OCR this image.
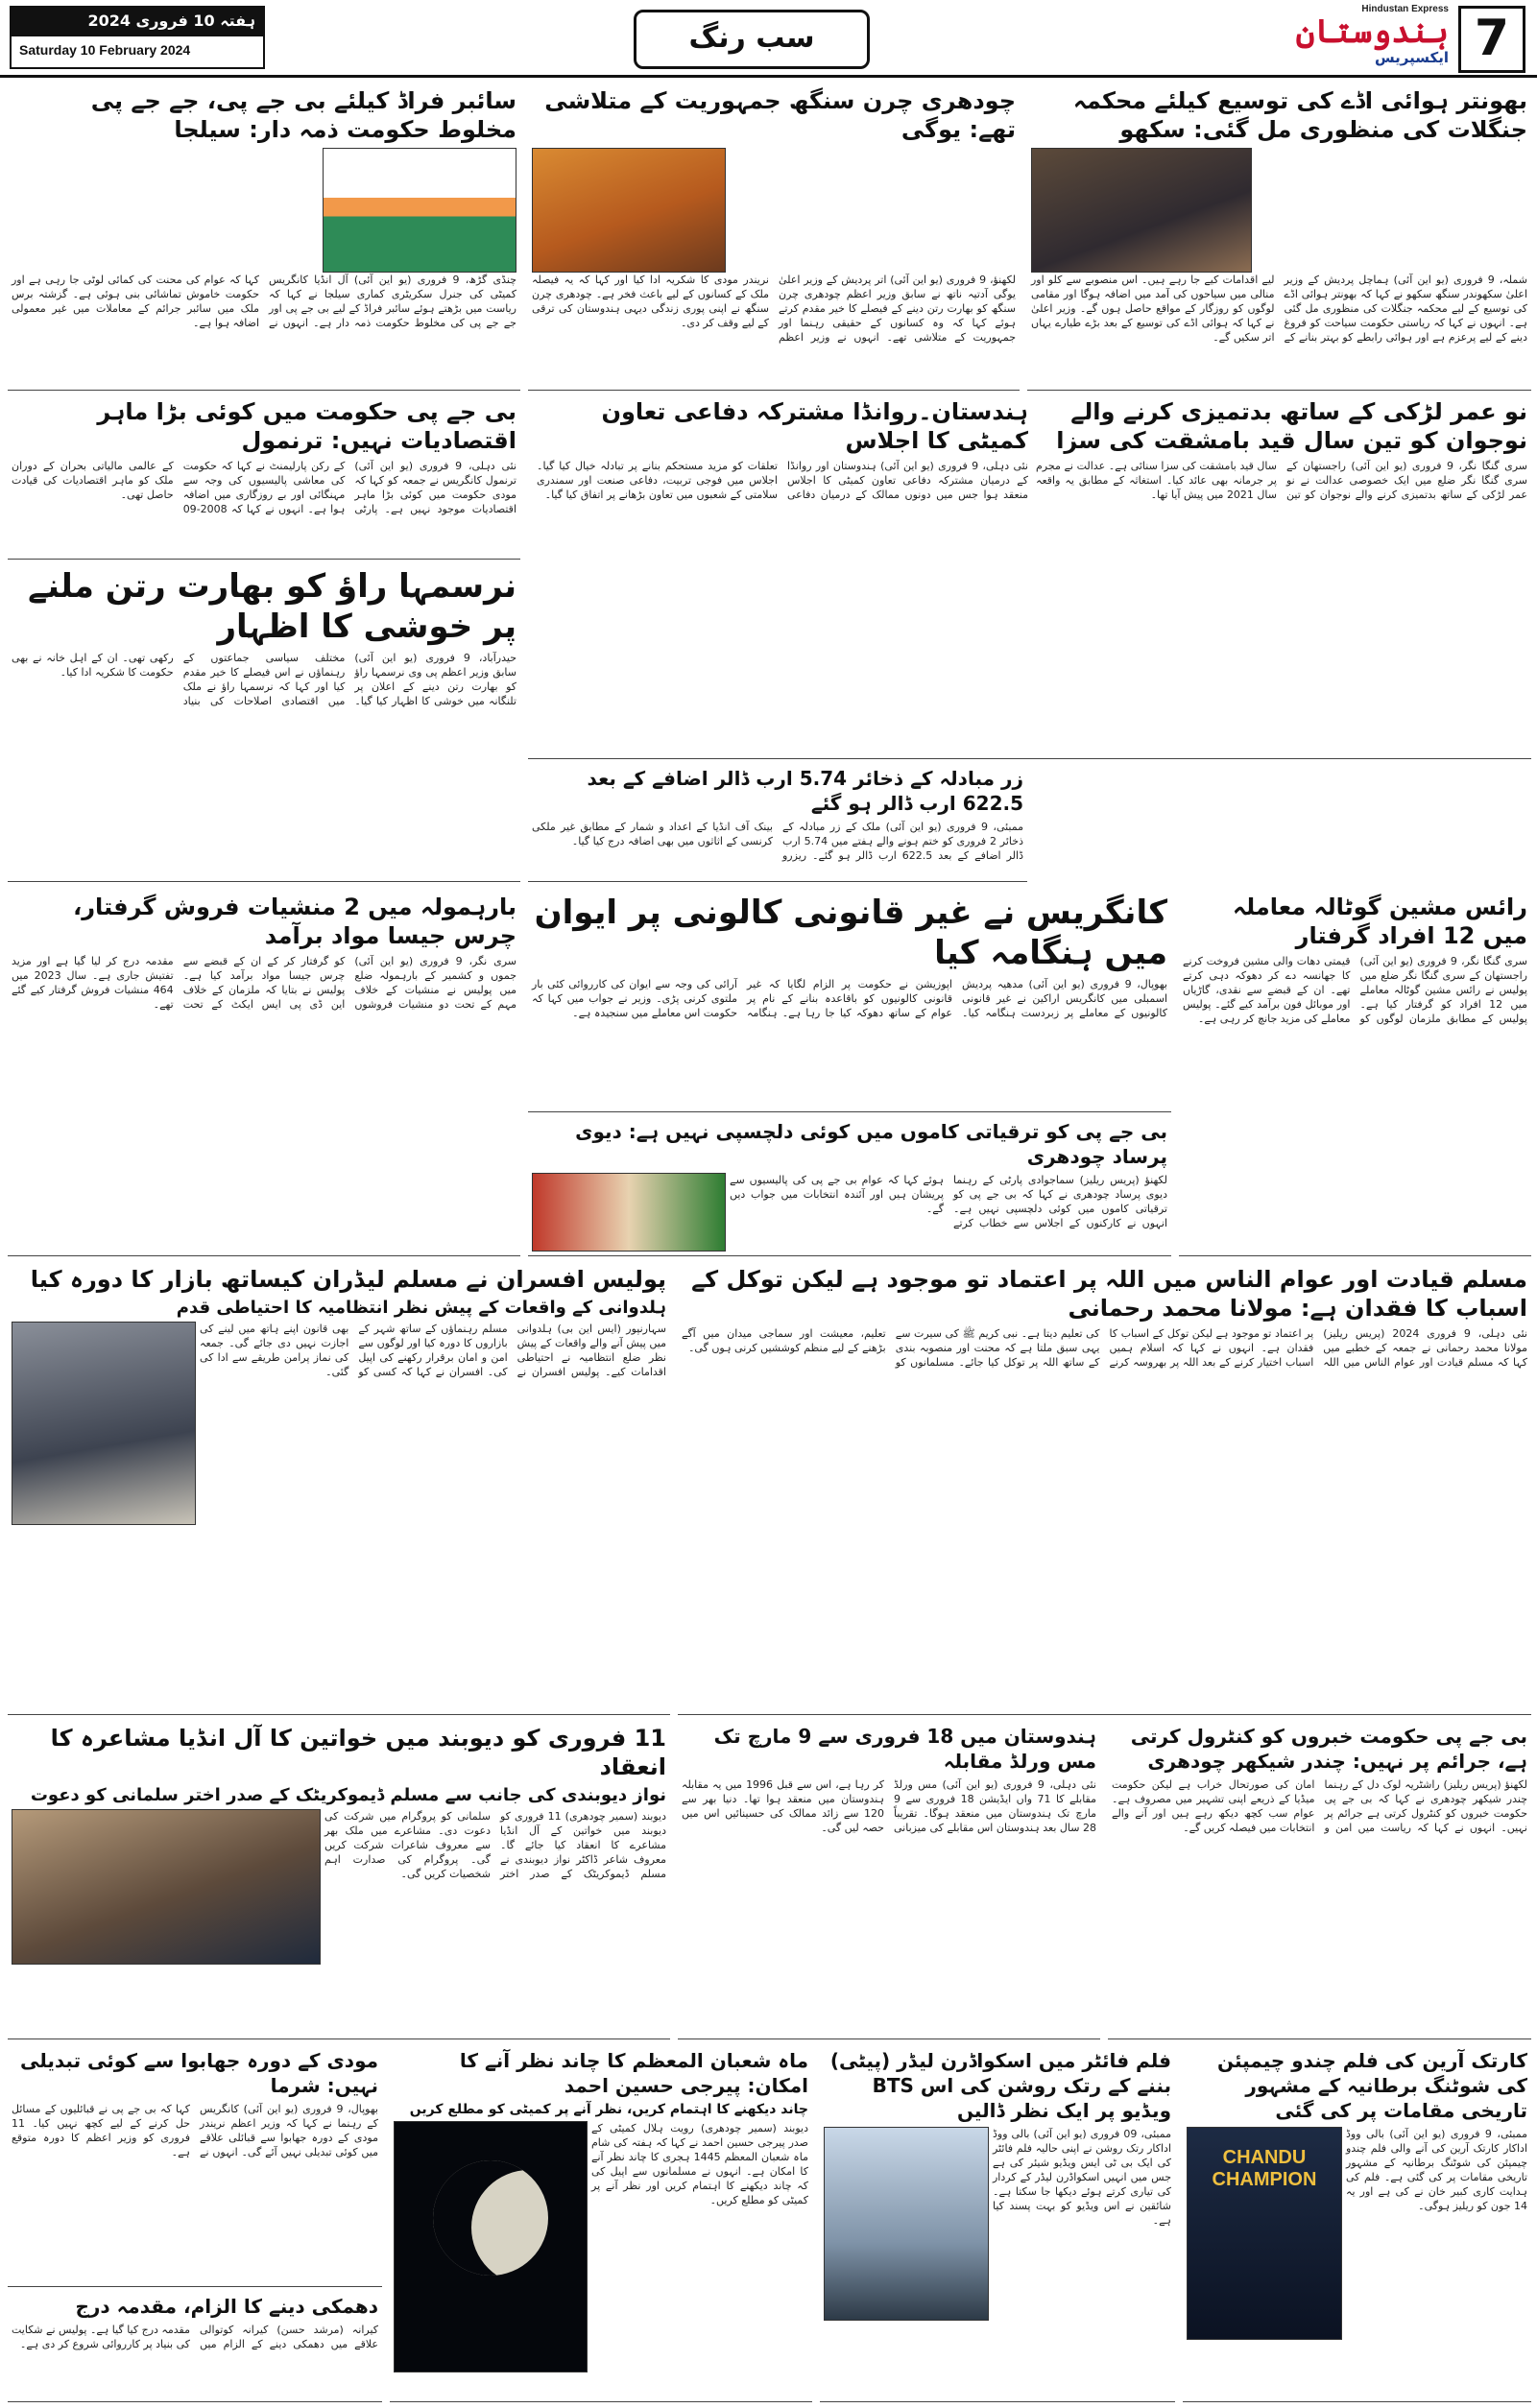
7
Hindustan Express
ہندوستان
ایکسپریس
سب رنگ
ہفتہ 10 فروری 2024
Saturday 10 February 2024
بھونتر ہوائی اڈے کی توسیع کیلئے محکمہ جنگلات کی منظوری مل گئی: سکھو
شملہ، 9 فروری (یو این آئی) ہماچل پردیش کے وزیر اعلیٰ سکھوندر سنگھ سکھو نے کہا کہ بھونتر ہوائی اڈے کی توسیع کے لیے محکمہ جنگلات کی منظوری مل گئی ہے۔ انہوں نے کہا کہ ریاستی حکومت سیاحت کو فروغ دینے کے لیے پرعزم ہے اور ہوائی رابطے کو بہتر بنانے کے لیے اقدامات کیے جا رہے ہیں۔ اس منصوبے سے کلو اور منالی میں سیاحوں کی آمد میں اضافہ ہوگا اور مقامی لوگوں کو روزگار کے مواقع حاصل ہوں گے۔ وزیر اعلیٰ نے کہا کہ ہوائی اڈے کی توسیع کے بعد بڑے طیارے یہاں اتر سکیں گے۔
چودھری چرن سنگھ جمہوریت کے متلاشی تھے: یوگی
لکھنؤ، 9 فروری (یو این آئی) اتر پردیش کے وزیر اعلیٰ یوگی آدتیہ ناتھ نے سابق وزیر اعظم چودھری چرن سنگھ کو بھارت رتن دینے کے فیصلے کا خیر مقدم کرتے ہوئے کہا کہ وہ کسانوں کے حقیقی رہنما اور جمہوریت کے متلاشی تھے۔ انہوں نے وزیر اعظم نریندر مودی کا شکریہ ادا کیا اور کہا کہ یہ فیصلہ ملک کے کسانوں کے لیے باعث فخر ہے۔ چودھری چرن سنگھ نے اپنی پوری زندگی دیہی ہندوستان کی ترقی کے لیے وقف کر دی۔
سائبر فراڈ کیلئے بی جے پی، جے جے پی مخلوط حکومت ذمہ دار: سیلجا
چنڈی گڑھ، 9 فروری (یو این آئی) آل انڈیا کانگریس کمیٹی کی جنرل سکریٹری کماری سیلجا نے کہا کہ ریاست میں بڑھتے ہوئے سائبر فراڈ کے لیے بی جے پی اور جے جے پی کی مخلوط حکومت ذمہ دار ہے۔ انہوں نے کہا کہ عوام کی محنت کی کمائی لوٹی جا رہی ہے اور حکومت خاموش تماشائی بنی ہوئی ہے۔ گزشتہ برس ملک میں سائبر جرائم کے معاملات میں غیر معمولی اضافہ ہوا ہے۔
بی جے پی حکومت میں کوئی بڑا ماہر اقتصادیات نہیں: ترنمول
نئی دہلی، 9 فروری (یو این آئی) ترنمول کانگریس نے جمعہ کو کہا کہ مودی حکومت میں کوئی بڑا ماہر اقتصادیات موجود نہیں ہے۔ پارٹی کے رکن پارلیمنٹ نے کہا کہ حکومت کی معاشی پالیسیوں کی وجہ سے مہنگائی اور بے روزگاری میں اضافہ ہوا ہے۔ انہوں نے کہا کہ 2008-09 کے عالمی مالیاتی بحران کے دوران ملک کو ماہر اقتصادیات کی قیادت حاصل تھی۔
نرسمہا راؤ کو بھارت رتن ملنے پر خوشی کا اظہار
حیدرآباد، 9 فروری (یو این آئی) سابق وزیر اعظم پی وی نرسمہا راؤ کو بھارت رتن دینے کے اعلان پر تلنگانہ میں خوشی کا اظہار کیا گیا۔ مختلف سیاسی جماعتوں کے رہنماؤں نے اس فیصلے کا خیر مقدم کیا اور کہا کہ نرسمہا راؤ نے ملک میں اقتصادی اصلاحات کی بنیاد رکھی تھی۔ ان کے اہل خانہ نے بھی حکومت کا شکریہ ادا کیا۔
نو عمر لڑکی کے ساتھ بدتمیزی کرنے والے نوجوان کو تین سال قید بامشقت کی سزا
سری گنگا نگر، 9 فروری (یو این آئی) راجستھان کے سری گنگا نگر ضلع میں ایک خصوصی عدالت نے نو عمر لڑکی کے ساتھ بدتمیزی کرنے والے نوجوان کو تین سال قید بامشقت کی سزا سنائی ہے۔ عدالت نے مجرم پر جرمانہ بھی عائد کیا۔ استغاثہ کے مطابق یہ واقعہ سال 2021 میں پیش آیا تھا۔
ہندستان۔روانڈا مشترکہ دفاعی تعاون کمیٹی کا اجلاس
نئی دہلی، 9 فروری (یو این آئی) ہندوستان اور روانڈا کے درمیان مشترکہ دفاعی تعاون کمیٹی کا اجلاس منعقد ہوا جس میں دونوں ممالک کے درمیان دفاعی تعلقات کو مزید مستحکم بنانے پر تبادلہ خیال کیا گیا۔ اجلاس میں فوجی تربیت، دفاعی صنعت اور سمندری سلامتی کے شعبوں میں تعاون بڑھانے پر اتفاق کیا گیا۔
زر مبادلہ کے ذخائر 5.74 ارب ڈالر اضافے کے بعد 622.5 ارب ڈالر ہو گئے
ممبئی، 9 فروری (یو این آئی) ملک کے زر مبادلہ کے ذخائر 2 فروری کو ختم ہونے والے ہفتے میں 5.74 ارب ڈالر اضافے کے بعد 622.5 ارب ڈالر ہو گئے۔ ریزرو بینک آف انڈیا کے اعداد و شمار کے مطابق غیر ملکی کرنسی کے اثاثوں میں بھی اضافہ درج کیا گیا۔
رائس مشین گوٹالہ معاملہ میں 12 افراد گرفتار
سری گنگا نگر، 9 فروری (یو این آئی) راجستھان کے سری گنگا نگر ضلع میں پولیس نے رائس مشین گوٹالہ معاملے میں 12 افراد کو گرفتار کیا ہے۔ پولیس کے مطابق ملزمان لوگوں کو قیمتی دھات والی مشین فروخت کرنے کا جھانسہ دے کر دھوکہ دہی کرتے تھے۔ ان کے قبضے سے نقدی، گاڑیاں اور موبائل فون برآمد کیے گئے۔ پولیس معاملے کی مزید جانچ کر رہی ہے۔
کانگریس نے غیر قانونی کالونی پر ایوان میں ہنگامہ کیا
بھوپال، 9 فروری (یو این آئی) مدھیہ پردیش اسمبلی میں کانگریس اراکین نے غیر قانونی کالونیوں کے معاملے پر زبردست ہنگامہ کیا۔ اپوزیشن نے حکومت پر الزام لگایا کہ غیر قانونی کالونیوں کو باقاعدہ بنانے کے نام پر عوام کے ساتھ دھوکہ کیا جا رہا ہے۔ ہنگامہ آرائی کی وجہ سے ایوان کی کارروائی کئی بار ملتوی کرنی پڑی۔ وزیر نے جواب میں کہا کہ حکومت اس معاملے میں سنجیدہ ہے۔
بی جے پی کو ترقیاتی کاموں میں کوئی دلچسپی نہیں ہے: دیوی پرساد چودھری
لکھنؤ (پریس ریلیز) سماجوادی پارٹی کے رہنما دیوی پرساد چودھری نے کہا کہ بی جے پی کو ترقیاتی کاموں میں کوئی دلچسپی نہیں ہے۔ انہوں نے کارکنوں کے اجلاس سے خطاب کرتے ہوئے کہا کہ عوام بی جے پی کی پالیسیوں سے پریشان ہیں اور آئندہ انتخابات میں جواب دیں گے۔
بارہمولہ میں 2 منشیات فروش گرفتار، چرس جیسا مواد برآمد
سری نگر، 9 فروری (یو این آئی) جموں و کشمیر کے بارہمولہ ضلع میں پولیس نے منشیات کے خلاف مہم کے تحت دو منشیات فروشوں کو گرفتار کر کے ان کے قبضے سے چرس جیسا مواد برآمد کیا ہے۔ پولیس نے بتایا کہ ملزمان کے خلاف این ڈی پی ایس ایکٹ کے تحت مقدمہ درج کر لیا گیا ہے اور مزید تفتیش جاری ہے۔ سال 2023 میں 464 منشیات فروش گرفتار کیے گئے تھے۔
پولیس افسران نے مسلم لیڈران کیساتھ بازار کا دورہ کیا
ہلدوانی کے واقعات کے پیش نظر انتظامیہ کا احتیاطی قدم
سہارنپور (ایس این بی) ہلدوانی میں پیش آنے والے واقعات کے پیش نظر ضلع انتظامیہ نے احتیاطی اقدامات کیے۔ پولیس افسران نے مسلم رہنماؤں کے ساتھ شہر کے بازاروں کا دورہ کیا اور لوگوں سے امن و امان برقرار رکھنے کی اپیل کی۔ افسران نے کہا کہ کسی کو بھی قانون اپنے ہاتھ میں لینے کی اجازت نہیں دی جائے گی۔ جمعہ کی نماز پرامن طریقے سے ادا کی گئی۔
مسلم قیادت اور عوام الناس میں اللہ پر اعتماد تو موجود ہے لیکن توکل کے اسباب کا فقدان ہے: مولانا محمد رحمانی
نئی دہلی، 9 فروری 2024 (پریس ریلیز) مولانا محمد رحمانی نے جمعہ کے خطبے میں کہا کہ مسلم قیادت اور عوام الناس میں اللہ پر اعتماد تو موجود ہے لیکن توکل کے اسباب کا فقدان ہے۔ انہوں نے کہا کہ اسلام ہمیں اسباب اختیار کرنے کے بعد اللہ پر بھروسہ کرنے کی تعلیم دیتا ہے۔ نبی کریم ﷺ کی سیرت سے یہی سبق ملتا ہے کہ محنت اور منصوبہ بندی کے ساتھ اللہ پر توکل کیا جائے۔ مسلمانوں کو تعلیم، معیشت اور سماجی میدان میں آگے بڑھنے کے لیے منظم کوششیں کرنی ہوں گی۔
11 فروری کو دیوبند میں خواتین کا آل انڈیا مشاعرہ کا انعقاد
نواز دیوبندی کی جانب سے مسلم ڈیموکریٹک کے صدر اختر سلمانی کو دعوت
دیوبند (سمیر چودھری) 11 فروری کو دیوبند میں خواتین کے آل انڈیا مشاعرے کا انعقاد کیا جائے گا۔ معروف شاعر ڈاکٹر نواز دیوبندی نے مسلم ڈیموکریٹک کے صدر اختر سلمانی کو پروگرام میں شرکت کی دعوت دی۔ مشاعرے میں ملک بھر سے معروف شاعرات شرکت کریں گی۔ پروگرام کی صدارت اہم شخصیات کریں گی۔
ہندوستان میں 18 فروری سے 9 مارچ تک مس ورلڈ مقابلہ
نئی دہلی، 9 فروری (یو این آئی) مس ورلڈ مقابلے کا 71 واں ایڈیشن 18 فروری سے 9 مارچ تک ہندوستان میں منعقد ہوگا۔ تقریباً 28 سال بعد ہندوستان اس مقابلے کی میزبانی کر رہا ہے، اس سے قبل 1996 میں یہ مقابلہ ہندوستان میں منعقد ہوا تھا۔ دنیا بھر سے 120 سے زائد ممالک کی حسینائیں اس میں حصہ لیں گی۔
بی جے پی حکومت خبروں کو کنٹرول کرتی ہے، جرائم پر نہیں: چندر شیکھر چودھری
لکھنؤ (پریس ریلیز) راشٹریہ لوک دل کے رہنما چندر شیکھر چودھری نے کہا کہ بی جے پی حکومت خبروں کو کنٹرول کرتی ہے جرائم پر نہیں۔ انہوں نے کہا کہ ریاست میں امن و امان کی صورتحال خراب ہے لیکن حکومت میڈیا کے ذریعے اپنی تشہیر میں مصروف ہے۔ عوام سب کچھ دیکھ رہے ہیں اور آنے والے انتخابات میں فیصلہ کریں گے۔
مودی کے دورہ جھابوا سے کوئی تبدیلی نہیں: شرما
بھوپال، 9 فروری (یو این آئی) کانگریس کے رہنما نے کہا کہ وزیر اعظم نریندر مودی کے دورہ جھابوا سے قبائلی علاقے میں کوئی تبدیلی نہیں آئے گی۔ انہوں نے کہا کہ بی جے پی نے قبائلیوں کے مسائل حل کرنے کے لیے کچھ نہیں کیا۔ 11 فروری کو وزیر اعظم کا دورہ متوقع ہے۔
دھمکی دینے کا الزام، مقدمہ درج
کیرانہ (مرشد حسن) کیرانہ کوتوالی علاقے میں دھمکی دینے کے الزام میں مقدمہ درج کیا گیا ہے۔ پولیس نے شکایت کی بنیاد پر کارروائی شروع کر دی ہے۔
ماہ شعبان المعظم کا چاند نظر آنے کا امکان: پیرجی حسین احمد
چاند دیکھنے کا اہتمام کریں، نظر آنے پر کمیٹی کو مطلع کریں
دیوبند (سمیر چودھری) رویت ہلال کمیٹی کے صدر پیرجی حسین احمد نے کہا کہ ہفتہ کی شام ماہ شعبان المعظم 1445 ہجری کا چاند نظر آنے کا امکان ہے۔ انہوں نے مسلمانوں سے اپیل کی کہ چاند دیکھنے کا اہتمام کریں اور نظر آنے پر کمیٹی کو مطلع کریں۔
فلم فائٹر میں اسکواڈرن لیڈر (پیٹی) بننے کے رتک روشن کی اس BTS ویڈیو پر ایک نظر ڈالیں
ممبئی، 09 فروری (یو این آئی) بالی ووڈ اداکار رتک روشن نے اپنی حالیہ فلم فائٹر کی ایک بی ٹی ایس ویڈیو شیئر کی ہے جس میں انہیں اسکواڈرن لیڈر کے کردار کی تیاری کرتے ہوئے دیکھا جا سکتا ہے۔ شائقین نے اس ویڈیو کو بہت پسند کیا ہے۔
کارتک آرین کی فلم چندو چیمپئن کی شوٹنگ برطانیہ کے مشہور تاریخی مقامات پر کی گئی
ممبئی، 9 فروری (یو این آئی) بالی ووڈ اداکار کارتک آرین کی آنے والی فلم چندو چیمپئن کی شوٹنگ برطانیہ کے مشہور تاریخی مقامات پر کی گئی ہے۔ فلم کی ہدایت کاری کبیر خان نے کی ہے اور یہ 14 جون کو ریلیز ہوگی۔
CHANDU CHAMPION
